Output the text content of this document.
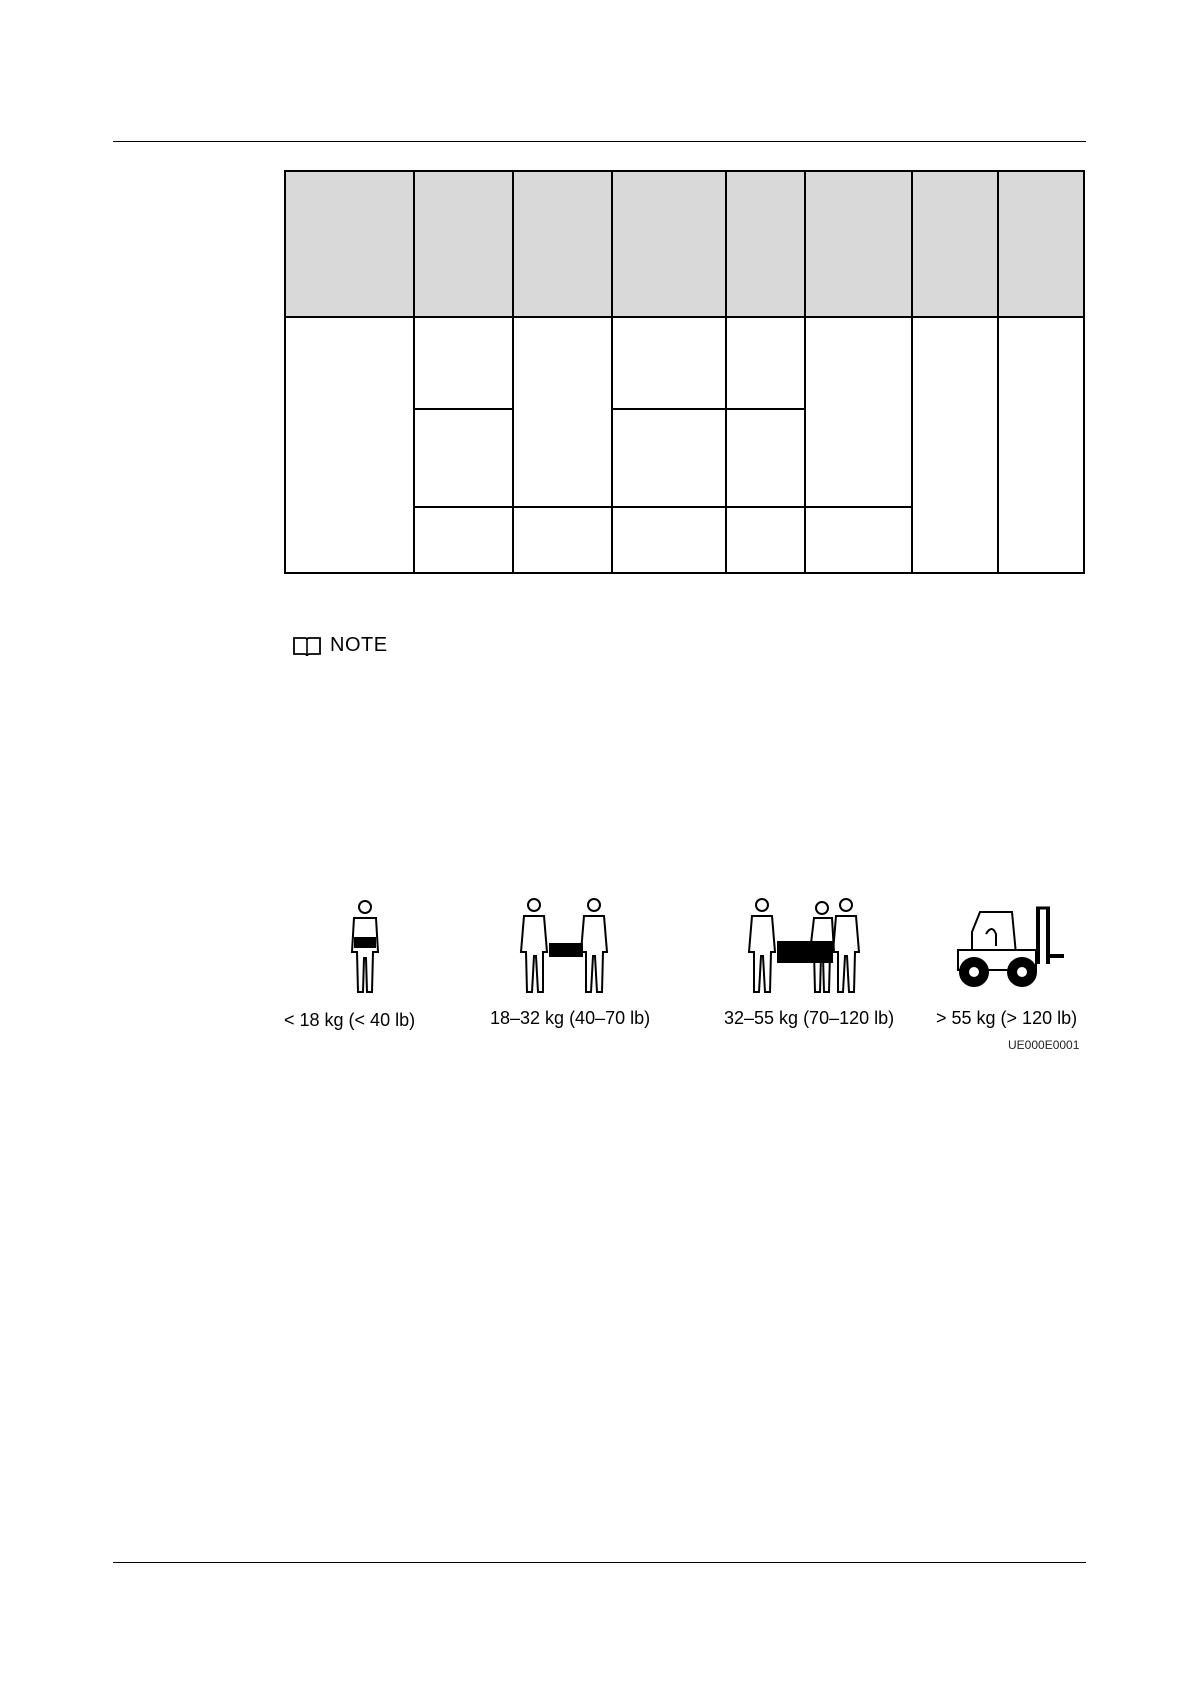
NOTE
< 18 kg (< 40 lb)	18–32 kg (40–70 lb)	32–55 kg (70–120 lb) > 55 kg (> 120 lb)
UE000E0001
